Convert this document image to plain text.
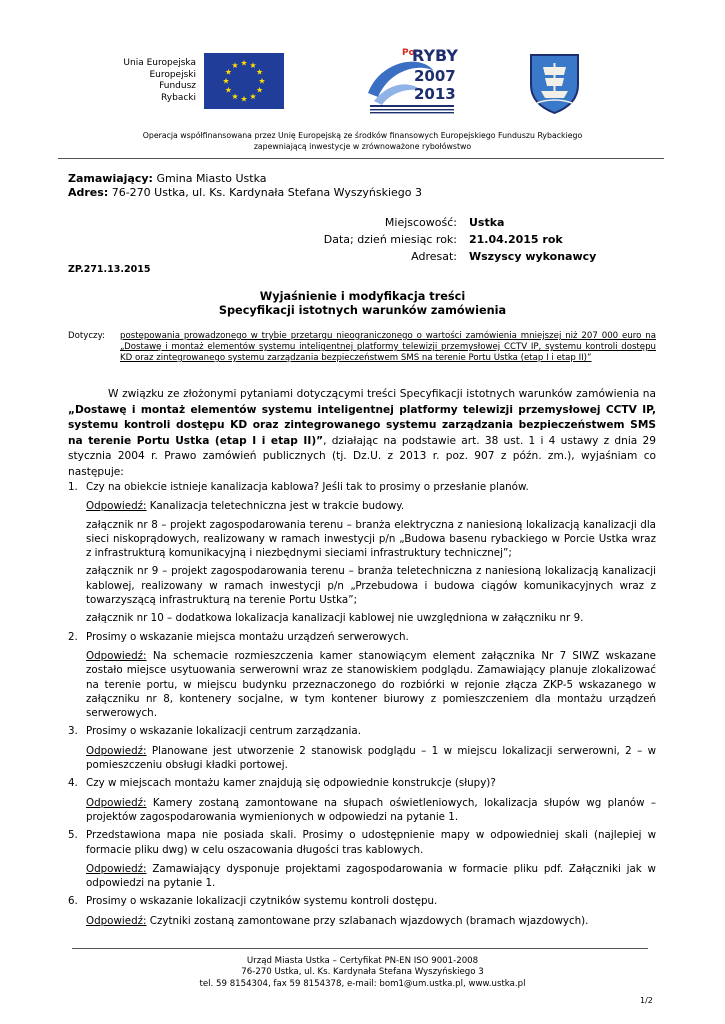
Unia Europejska
Europejski
Fundusz
Rybacki
Po
RYBY
2007
2013
Operacja współfinansowana przez Unię Europejską ze środków finansowych Europejskiego Funduszu Rybackiego
zapewniającą inwestycje w zrównoważone rybołówstwo
Zamawiający: Gmina Miasto Ustka
Adres: 76-270 Ustka, ul. Ks. Kardynała Stefana Wyszyńskiego 3
Miejscowość:	Ustka
Data; dzień miesiąc rok:	21.04.2015 rok
Adresat:	Wszyscy wykonawcy
ZP.271.13.2015
Wyjaśnienie i modyfikacja treści
Specyfikacji istotnych warunków zamówienia
Dotyczy: postępowania prowadzonego w trybie przetargu nieograniczonego o wartości zamówienia mniejszej niż 207 000 euro na „Dostawę i montaż elementów systemu inteligentnej platformy telewizji przemysłowej CCTV IP, systemu kontroli dostępu KD oraz zintegrowanego systemu zarządzania bezpieczeństwem SMS na terenie Portu Ustka (etap I i etap II)”
W związku ze złożonymi pytaniami dotyczącymi treści Specyfikacji istotnych warunków zamówienia na „Dostawę i montaż elementów systemu inteligentnej platformy telewizji przemysłowej CCTV IP, systemu kontroli dostępu KD oraz zintegrowanego systemu zarządzania bezpieczeństwem SMS na terenie Portu Ustka (etap I i etap II)”, działając na podstawie art. 38 ust. 1 i 4 ustawy z dnia 29 stycznia 2004 r. Prawo zamówień publicznych (tj. Dz.U. z 2013 r. poz. 907 z późn. zm.), wyjaśniam co następuje:
1. Czy na obiekcie istnieje kanalizacja kablowa? Jeśli tak to prosimy o przesłanie planów.
Odpowiedź: Kanalizacja teletechniczna jest w trakcie budowy.
załącznik nr 8 – projekt zagospodarowania terenu – branża elektryczna z naniesioną lokalizacją kanalizacji dla sieci niskoprądowych, realizowany w ramach inwestycji p/n „Budowa basenu rybackiego w Porcie Ustka wraz z infrastrukturą komunikacyjną i niezbędnymi sieciami infrastruktury technicznej”;
załącznik nr 9 – projekt zagospodarowania terenu – branża teletechniczna z naniesioną lokalizacją kanalizacji kablowej, realizowany w ramach inwestycji p/n „Przebudowa i budowa ciągów komunikacyjnych wraz z towarzyszącą infrastrukturą na terenie Portu Ustka”;
załącznik nr 10 – dodatkowa lokalizacja kanalizacji kablowej nie uwzględniona w załączniku nr 9.
2. Prosimy o wskazanie miejsca montażu urządzeń serwerowych.
Odpowiedź: Na schemacie rozmieszczenia kamer stanowiącym element załącznika Nr 7 SIWZ wskazane zostało miejsce usytuowania serwerowni wraz ze stanowiskiem podglądu. Zamawiający planuje zlokalizować na terenie portu, w miejscu budynku przeznaczonego do rozbiórki w rejonie złącza ZKP-5 wskazanego w załączniku nr 8, kontenery socjalne, w tym kontener biurowy z pomieszczeniem dla montażu urządzeń serwerowych.
3. Prosimy o wskazanie lokalizacji centrum zarządzania.
Odpowiedź: Planowane jest utworzenie 2 stanowisk podglądu – 1 w miejscu lokalizacji serwerowni, 2 – w pomieszczeniu obsługi kładki portowej.
4. Czy w miejscach montażu kamer znajdują się odpowiednie konstrukcje (słupy)?
Odpowiedź: Kamery zostaną zamontowane na słupach oświetleniowych, lokalizacja słupów wg planów – projektów zagospodarowania wymienionych w odpowiedzi na pytanie 1.
5. Przedstawiona mapa nie posiada skali. Prosimy o udostępnienie mapy w odpowiedniej skali (najlepiej w formacie pliku dwg) w celu oszacowania długości tras kablowych.
Odpowiedź: Zamawiający dysponuje projektami zagospodarowania w formacie pliku pdf. Załączniki jak w odpowiedzi na pytanie 1.
6. Prosimy o wskazanie lokalizacji czytników systemu kontroli dostępu.
Odpowiedź: Czytniki zostaną zamontowane przy szlabanach wjazdowych (bramach wjazdowych).
Urząd Miasta Ustka – Certyfikat PN-EN ISO 9001-2008
76-270 Ustka, ul. Ks. Kardynała Stefana Wyszyńskiego 3
tel. 59 8154304, fax 59 8154378, e-mail: bom1@um.ustka.pl, www.ustka.pl
1/2
